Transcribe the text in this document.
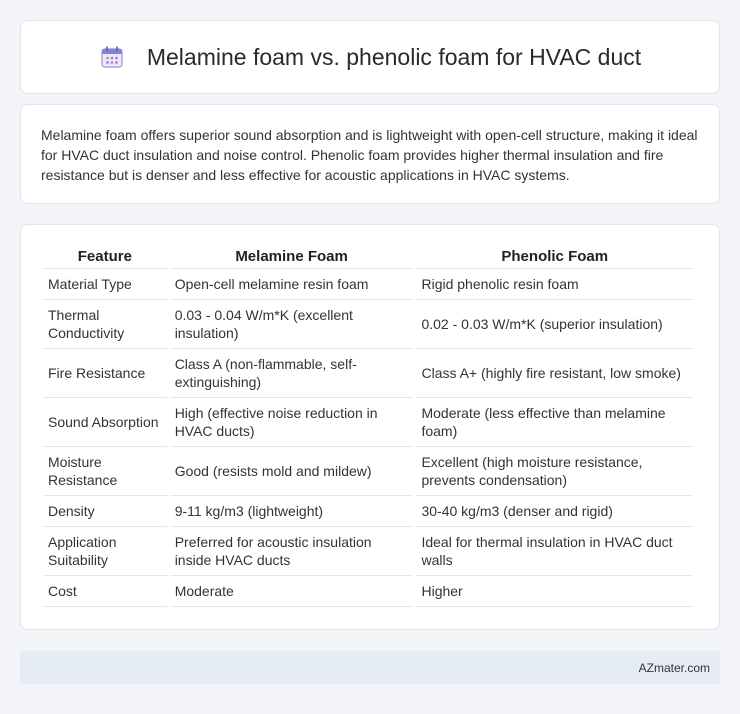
Melamine foam vs. phenolic foam for HVAC duct

Melamine foam offers superior sound absorption and is lightweight with open-cell structure, making it ideal for HVAC duct insulation and noise control. Phenolic foam provides higher thermal insulation and fire resistance but is denser and less effective for acoustic applications in HVAC systems.

Feature	Melamine Foam	Phenolic Foam
Material Type	Open-cell melamine resin foam	Rigid phenolic resin foam
Thermal Conductivity	0.03 - 0.04 W/m*K (excellent insulation)	0.02 - 0.03 W/m*K (superior insulation)
Fire Resistance	Class A (non-flammable, self-extinguishing)	Class A+ (highly fire resistant, low smoke)
Sound Absorption	High (effective noise reduction in HVAC ducts)	Moderate (less effective than melamine foam)
Moisture Resistance	Good (resists mold and mildew)	Excellent (high moisture resistance, prevents condensation)
Density	9-11 kg/m3 (lightweight)	30-40 kg/m3 (denser and rigid)
Application Suitability	Preferred for acoustic insulation inside HVAC ducts	Ideal for thermal insulation in HVAC duct walls
Cost	Moderate	Higher
AZmater.com
